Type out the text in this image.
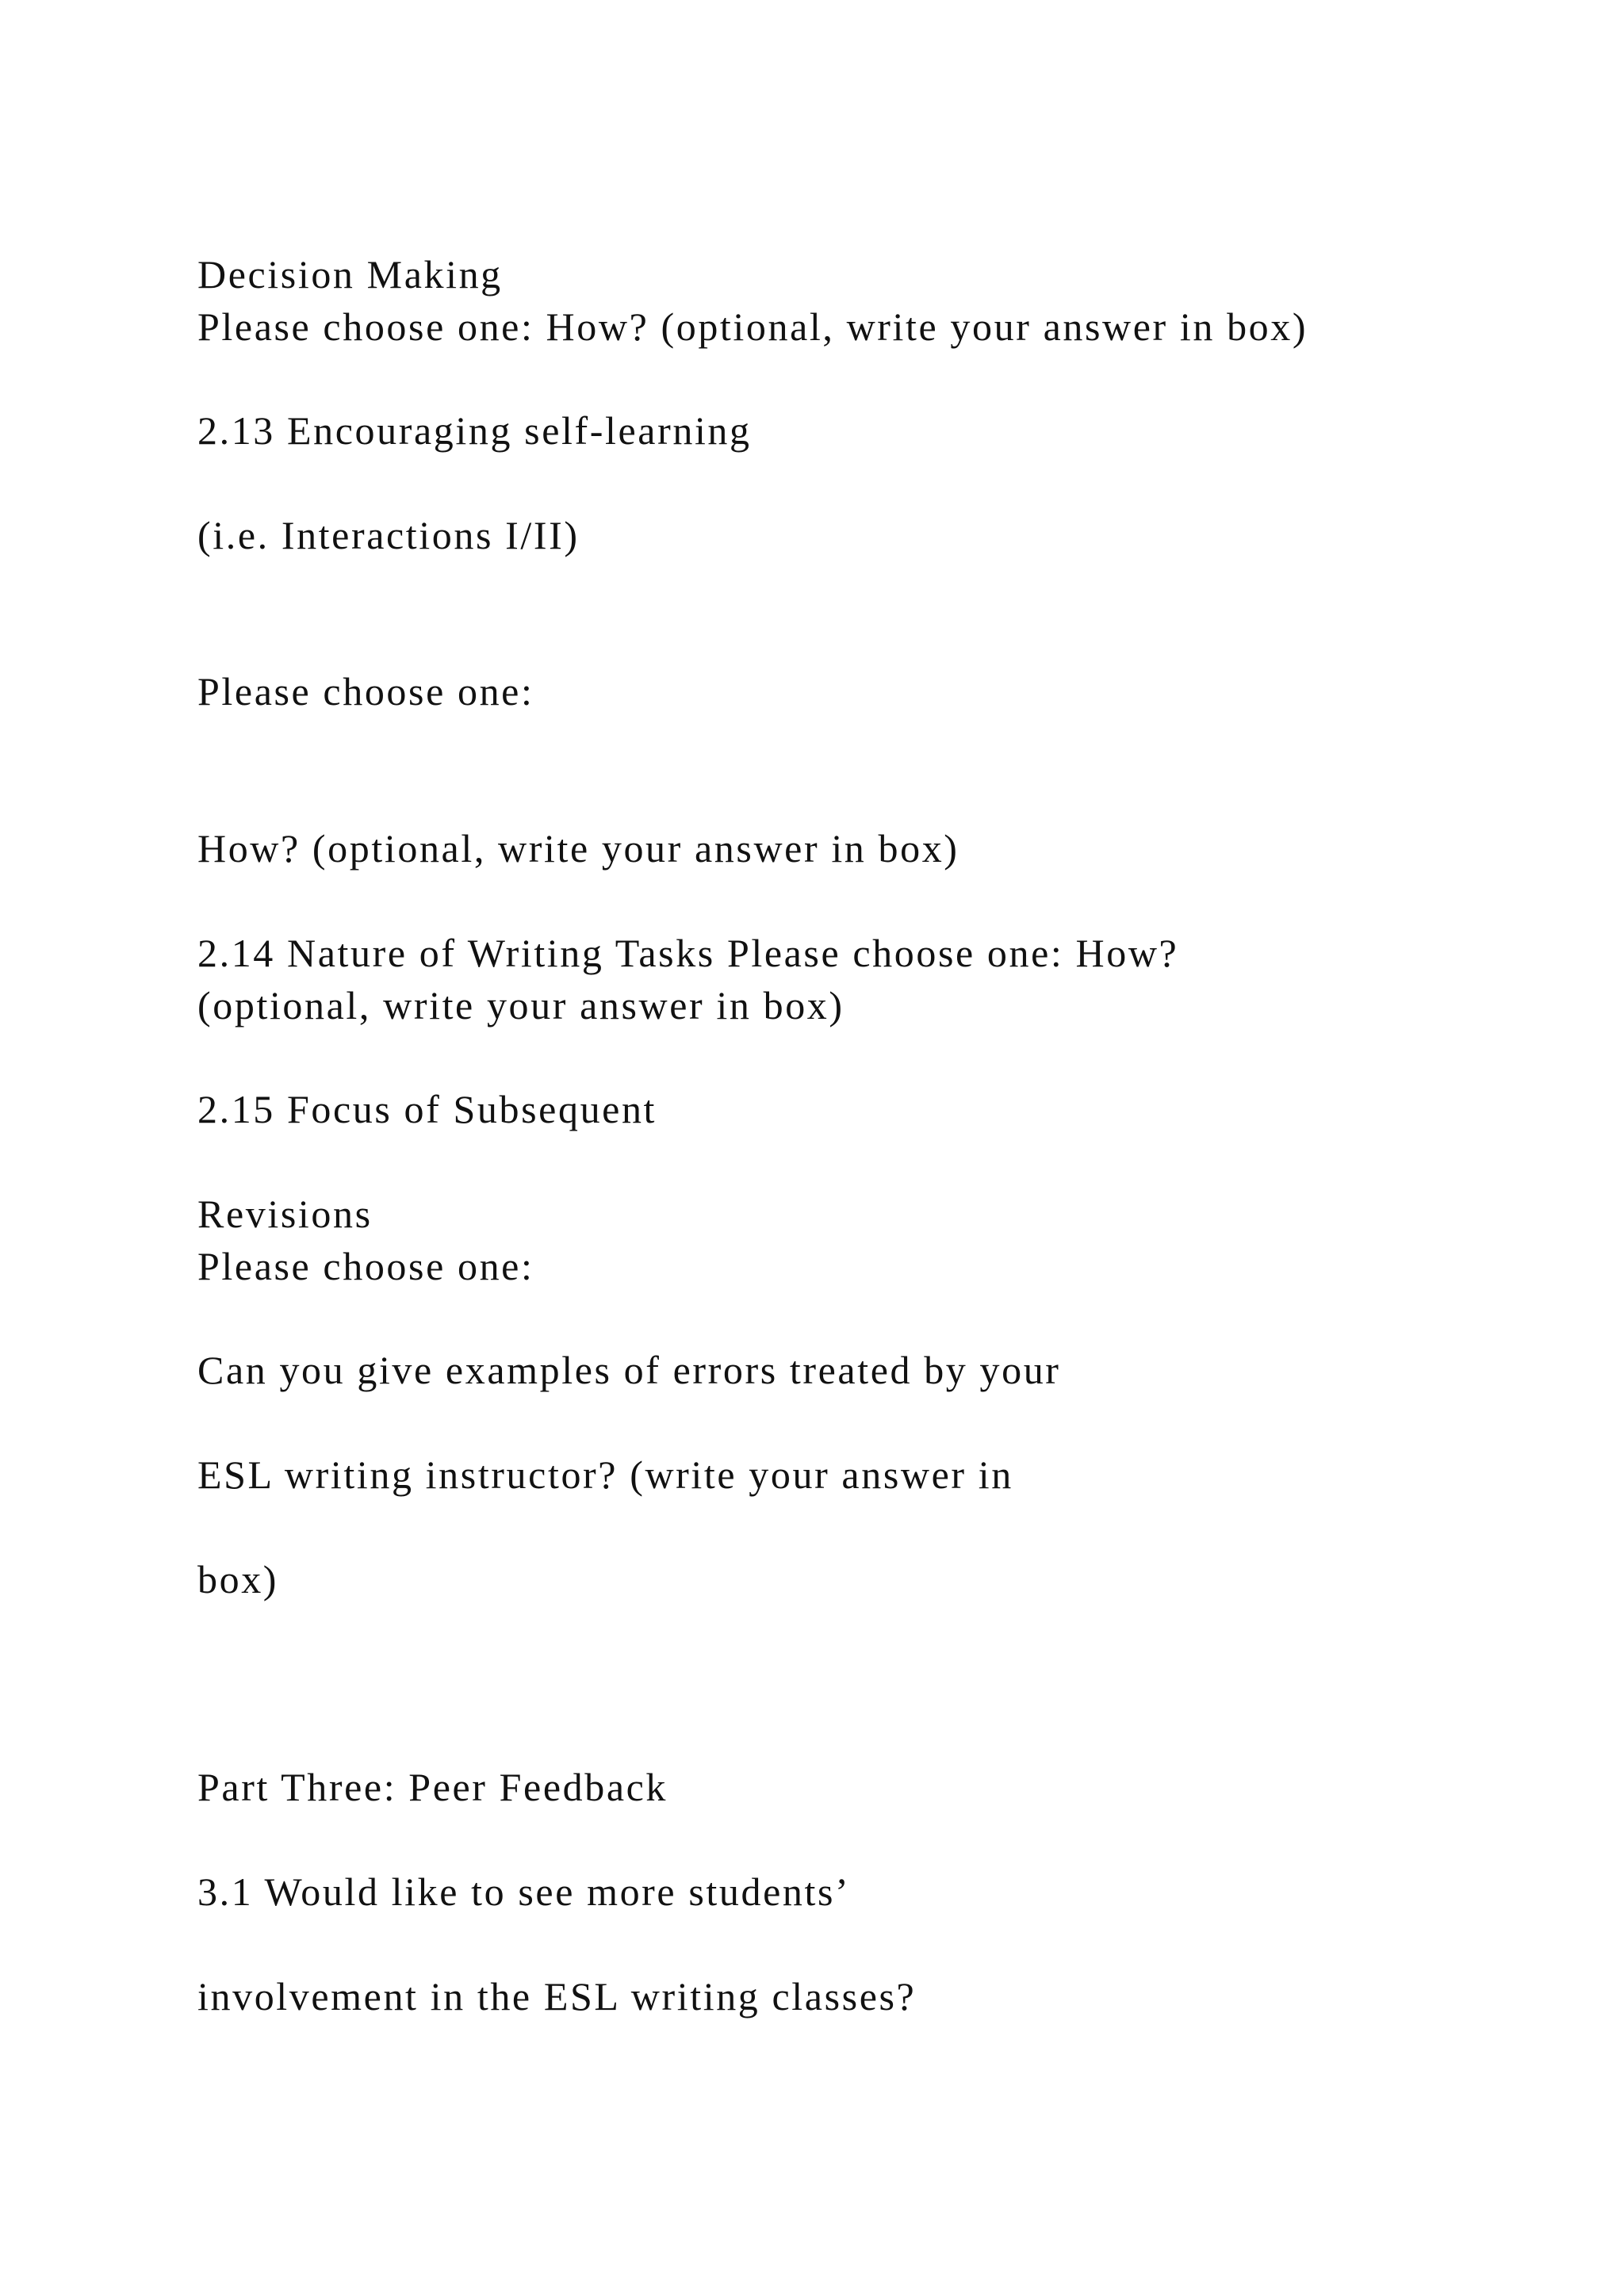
Decision Making
Please choose one: How? (optional, write your answer in box)
2.13 Encouraging self-learning
(i.e. Interactions I/II)
Please choose one:
How? (optional, write your answer in box)
2.14 Nature of Writing Tasks Please choose one: How?
(optional, write your answer in box)
2.15 Focus of Subsequent
Revisions
Please choose one:
Can you give examples of errors treated by your
ESL writing instructor? (write your answer in
box)
Part Three: Peer Feedback
3.1 Would like to see more students’
involvement in the ESL writing classes?
